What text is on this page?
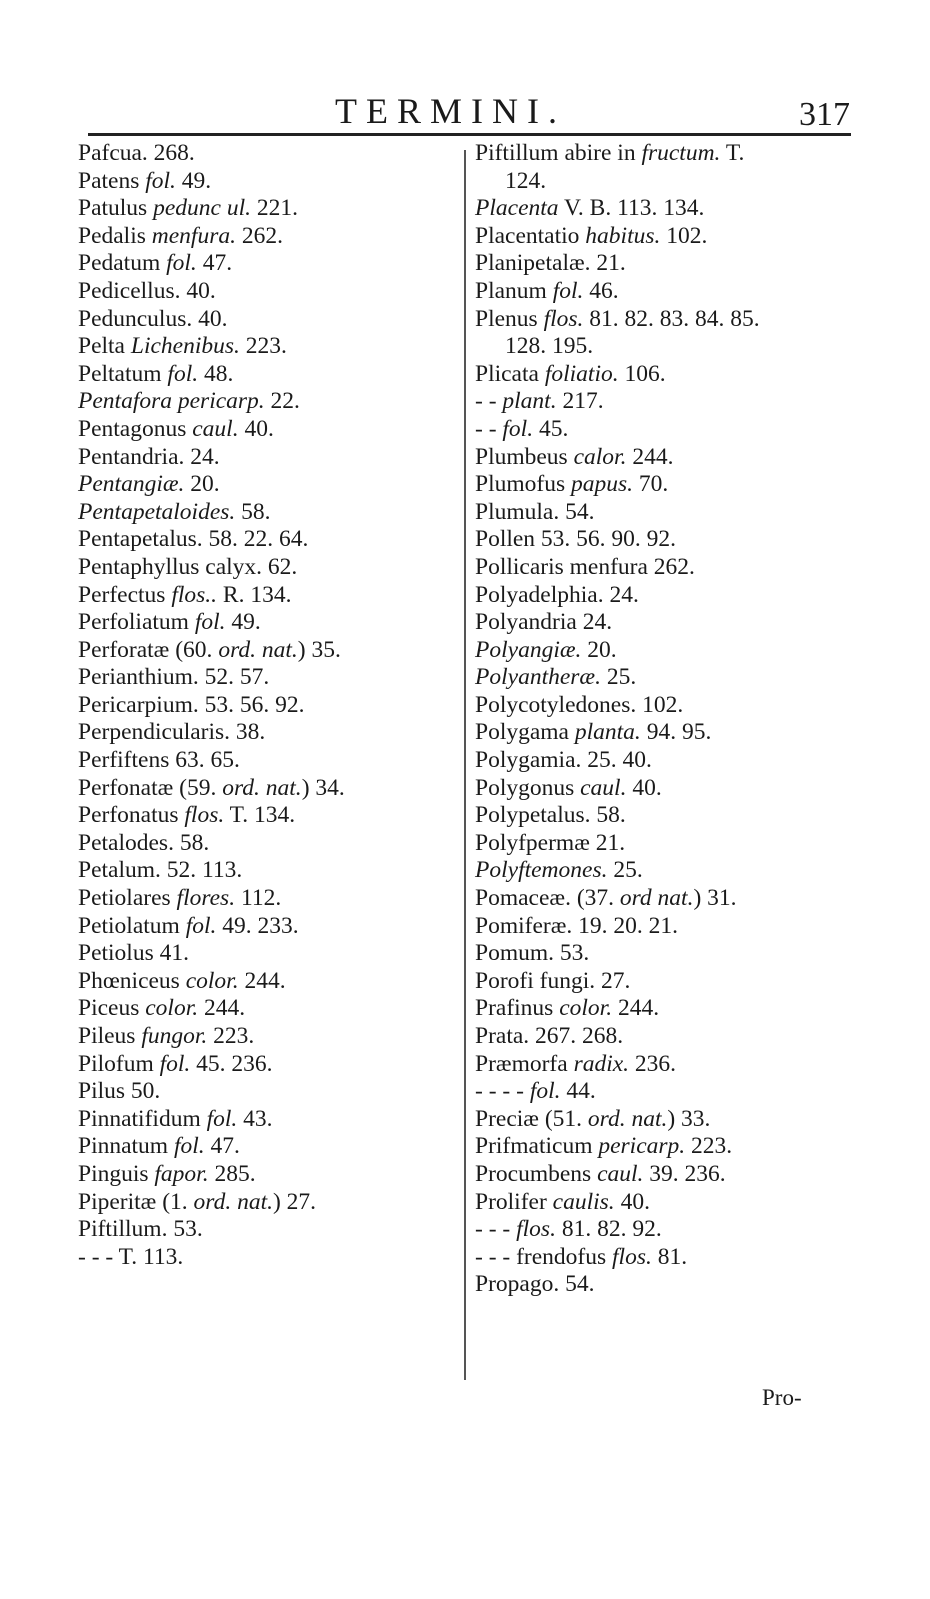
TERMINI.	317
Pafcua. 268.
Patens fol. 49.
Patulus pedunc ul. 221.
Pedalis menfura. 262.
Pedatum fol. 47.
Pedicellus. 40.
Pedunculus. 40.
Pelta Lichenibus. 223.
Peltatum fol. 48.
Pentafora pericarp. 22.
Pentagonus caul. 40.
Pentandria. 24.
Pentangiæ. 20.
Pentapetaloides. 58.
Pentapetalus. 58. 22. 64.
Pentaphyllus calyx. 62.
Perfectus flos.. R. 134.
Perfoliatum fol. 49.
Perforatæ (60. ord. nat.) 35.
Perianthium. 52. 57.
Pericarpium. 53. 56. 92.
Perpendicularis. 38.
Perfiftens 63. 65.
Perfonatæ (59. ord. nat.) 34.
Perfonatus flos. T. 134.
Petalodes. 58.
Petalum. 52. 113.
Petiolares flores. 112.
Petiolatum fol. 49. 233.
Petiolus 41.
Phœniceus color. 244.
Piceus color. 244.
Pileus fungor. 223.
Pilofum fol. 45. 236.
Pilus 50.
Pinnatifidum fol. 43.
Pinnatum fol. 47.
Pinguis fapor. 285.
Piperitæ (1. ord. nat.) 27.
Piftillum. 53.
- - - T. 113.
Piftillum abire in fructum. T.
124.
Placenta V. B. 113. 134.
Placentatio habitus. 102.
Planipetalæ. 21.
Planum fol. 46.
Plenus flos. 81. 82. 83. 84. 85.
128. 195.
Plicata foliatio. 106.
- - plant. 217.
- - fol. 45.
Plumbeus calor. 244.
Plumofus papus. 70.
Plumula. 54.
Pollen 53. 56. 90. 92.
Pollicaris menfura 262.
Polyadelphia. 24.
Polyandria 24.
Polyangiæ. 20.
Polyantheræ. 25.
Polycotyledones. 102.
Polygama planta. 94. 95.
Polygamia. 25. 40.
Polygonus caul. 40.
Polypetalus. 58.
Polyfpermæ 21.
Polyftemones. 25.
Pomaceæ. (37. ord nat.) 31.
Pomiferæ. 19. 20. 21.
Pomum. 53.
Porofi fungi. 27.
Prafinus color. 244.
Prata. 267. 268.
Præmorfa radix. 236.
- - - - fol. 44.
Preciæ (51. ord. nat.) 33.
Prifmaticum pericarp. 223.
Procumbens caul. 39. 236.
Prolifer caulis. 40.
- - - flos. 81. 82. 92.
- - - frendofus flos. 81.
Propago. 54.
Pro-
